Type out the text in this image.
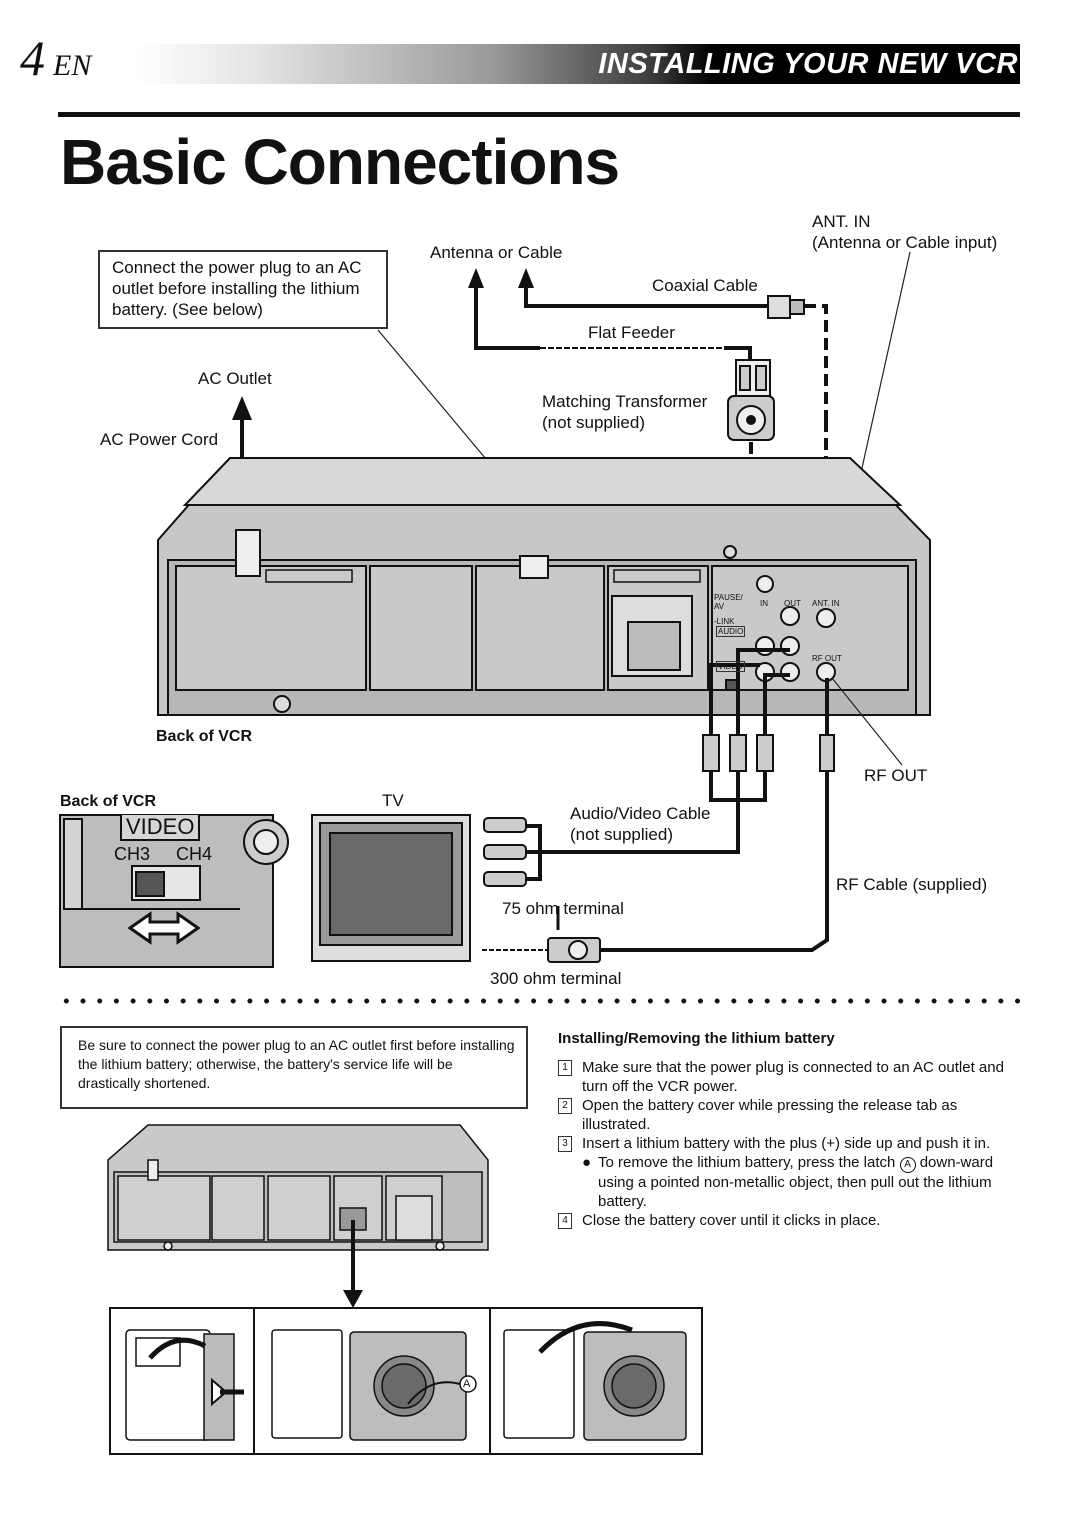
4 EN	INSTALLING YOUR NEW VCR
Basic Connections
Connect the power plug to an AC outlet before installing the lithium battery. (See below)
Antenna or Cable
ANT. IN
(Antenna or Cable input)
Coaxial Cable
Flat Feeder
Matching Transformer
(not supplied)
AC Outlet
AC Power Cord
Back of VCR
Back of VCR	TV
Audio/Video Cable
(not supplied)
RF OUT
RF Cable (supplied)
75 ohm terminal
300 ohm terminal
PAUSE/
AV
-LINK
AUDIO
IN OUT ANT. IN
RF OUT
VIDEO
VIDEO
CH3 CH4
Be sure to connect the power plug to an AC outlet first before installing the lithium battery; otherwise, the battery's service life will be drastically shortened.
Installing/Removing the lithium battery
1 Make sure that the power plug is connected to an AC outlet and turn off the VCR power.
2 Open the battery cover while pressing the release tab as illustrated.
3 Insert a lithium battery with the plus (+) side up and push it in.
● To remove the lithium battery, press the latch A down-ward using a pointed non-metallic object, then pull out the lithium battery.
4 Close the battery cover until it clicks in place.
A
